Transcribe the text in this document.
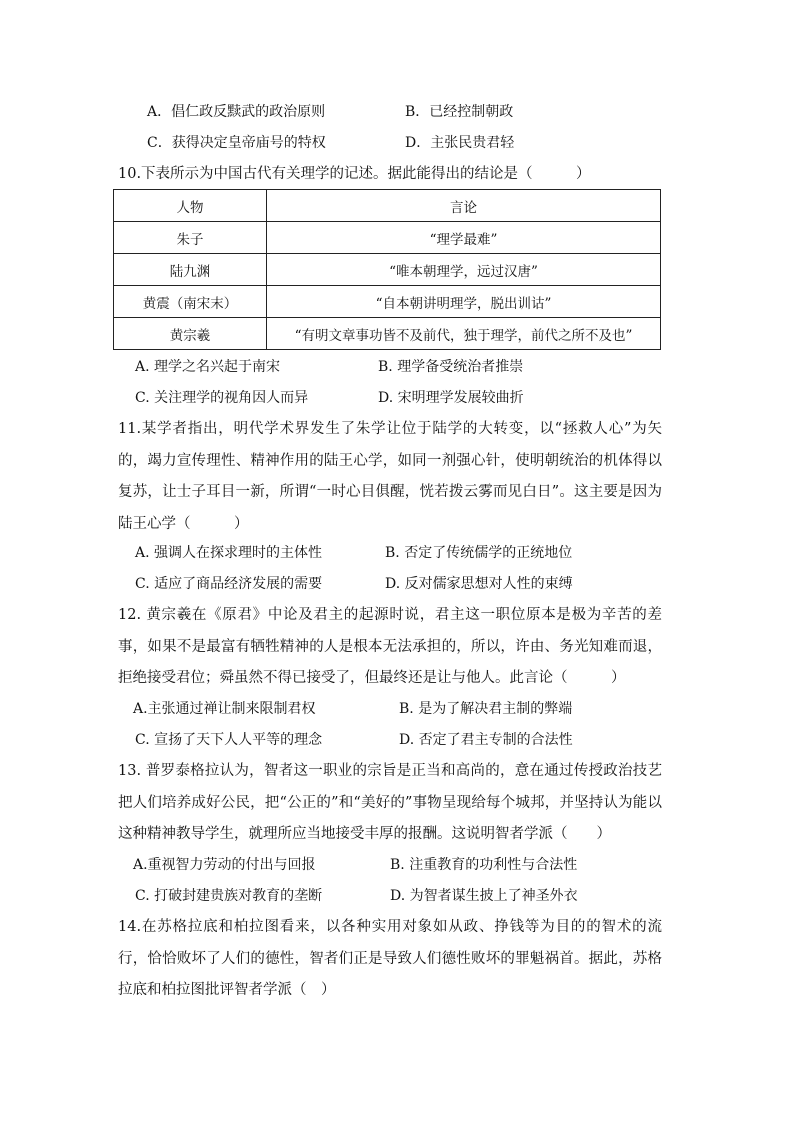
A．倡仁政反黩武的政治原则	B．已经控制朝政
C．获得决定皇帝庙号的特权	D．主张民贵君轻
10.下表所示为中国古代有关理学的记述。据此能得出的结论是（　　　）
人物	言论
朱子	“理学最难”
陆九渊	“唯本朝理学，远过汉唐”
黄震（南宋末）	“自本朝讲明理学，脱出训诂”
黄宗羲	“有明文章事功皆不及前代，独于理学，前代之所不及也”
A. 理学之名兴起于南宋	B. 理学备受统治者推崇
C. 关注理学的视角因人而异	D. 宋明理学发展较曲折
11.某学者指出，明代学术界发生了朱学让位于陆学的大转变，以“拯救人心”为矢的，竭力宣传理性、精神作用的陆王心学，如同一剂强心针，使明朝统治的机体得以复苏，让士子耳目一新，所谓“一时心目俱醒，恍若拨云雾而见白日”。这主要是因为陆王心学（　　　）
A. 强调人在探求理时的主体性	B. 否定了传统儒学的正统地位
C. 适应了商品经济发展的需要	D. 反对儒家思想对人性的束缚
12. 黄宗羲在《原君》中论及君主的起源时说，君主这一职位原本是极为辛苦的差事，如果不是最富有牺牲精神的人是根本无法承担的，所以，许由、务光知难而退，拒绝接受君位；舜虽然不得已接受了，但最终还是让与他人。此言论（　　　）
A.主张通过禅让制来限制君权	B. 是为了解决君主制的弊端
C. 宣扬了天下人人平等的理念	D. 否定了君主专制的合法性
13. 普罗泰格拉认为，智者这一职业的宗旨是正当和高尚的，意在通过传授政治技艺把人们培养成好公民，把“公正的”和“美好的”事物呈现给每个城邦，并坚持认为能以这种精神教导学生，就理所应当地接受丰厚的报酬。这说明智者学派（　　）
A.重视智力劳动的付出与回报	B. 注重教育的功利性与合法性
C. 打破封建贵族对教育的垄断	D. 为智者谋生披上了神圣外衣
14.在苏格拉底和柏拉图看来，以各种实用对象如从政、挣钱等为目的的智术的流行，恰恰败坏了人们的德性，智者们正是导致人们德性败坏的罪魁祸首。据此，苏格拉底和柏拉图批评智者学派（　）
